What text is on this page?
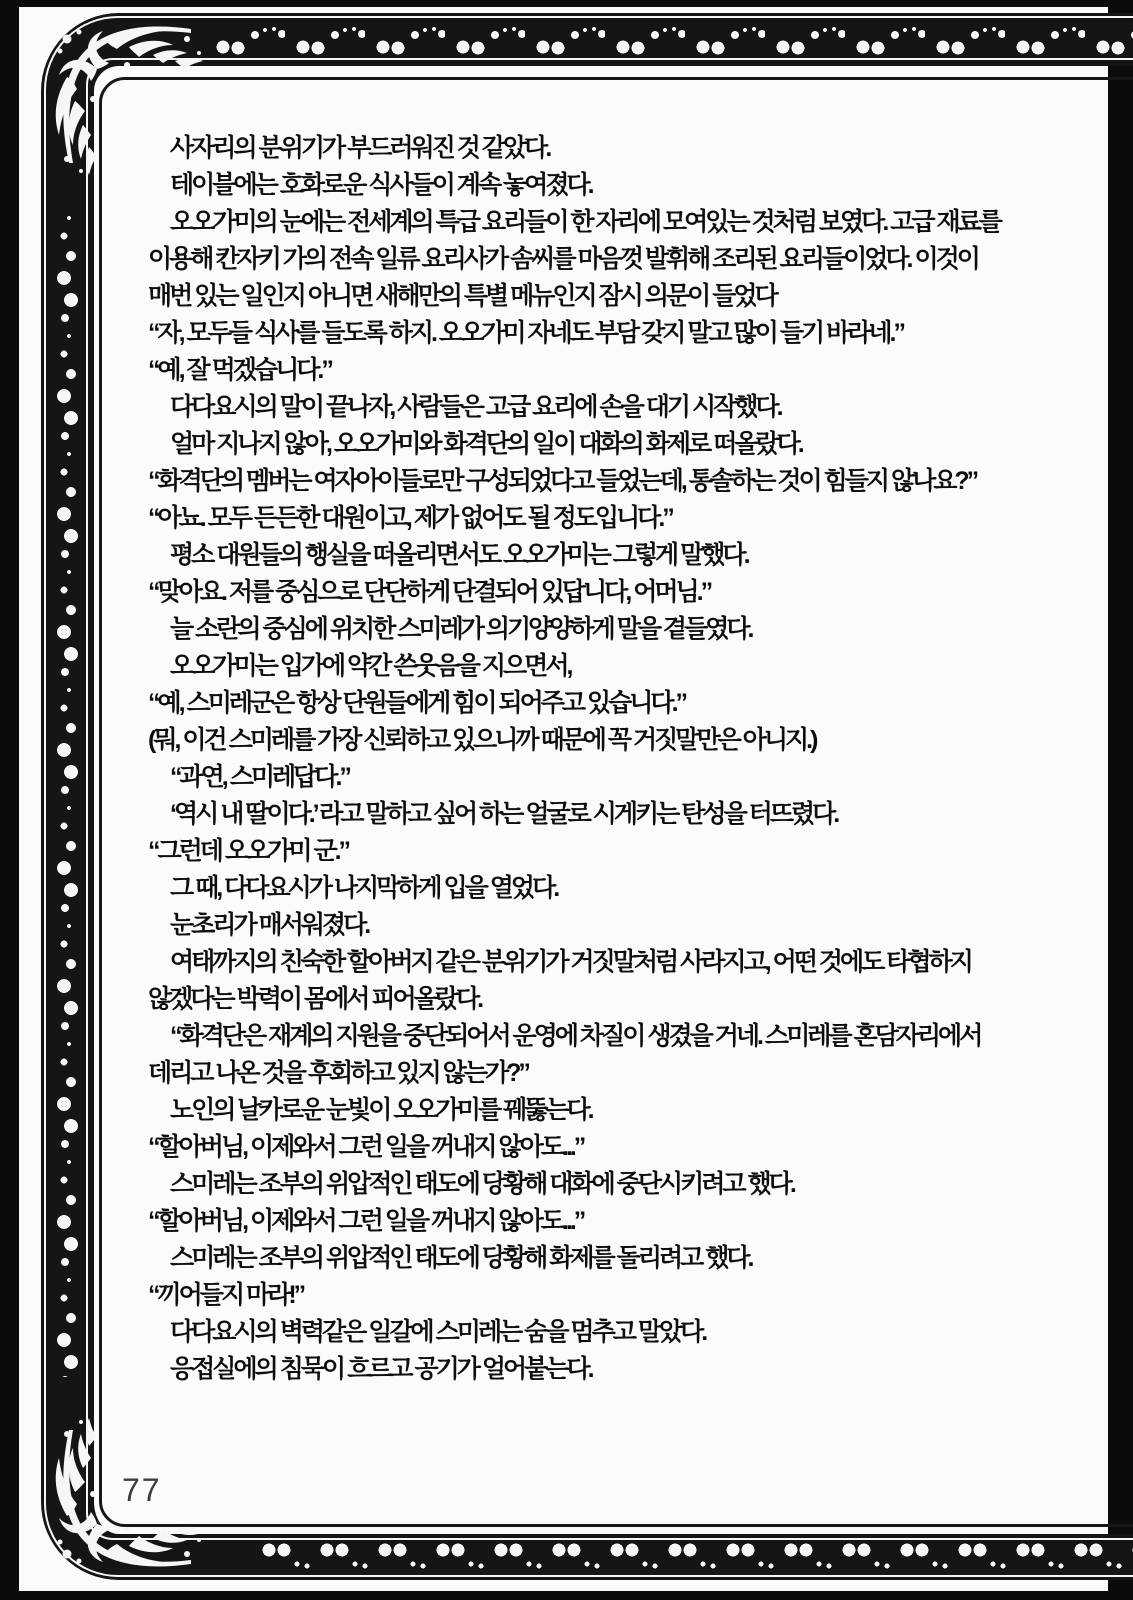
　사자리의 분위기가 부드러워진 것 같았다.
　테이블에는 호화로운 식사들이 계속 놓여졌다.
　오오가미의 눈에는 전세계의 특급 요리들이 한 자리에 모여있는 것처럼 보였다. 고급 재료를
이용해 칸자키 가의 전속 일류 요리사가 솜씨를 마음껏 발휘해 조리된 요리들이었다. 이것이
매번 있는 일인지 아니면 새해만의 특별 메뉴인지 잠시 의문이 들었다
“자, 모두들 식사를 들도록 하지. 오오가미 자네도 부담 갖지 말고 많이 들기 바라네.”
“예, 잘 먹겠습니다.”
　다다요시의 말이 끝나자, 사람들은 고급 요리에 손을 대기 시작했다.
　얼마 지나지 않아, 오오가미와 화격단의 일이 대화의 화제로 떠올랐다.
“화격단의 멤버는 여자아이들로만 구성되었다고 들었는데, 통솔하는 것이 힘들지 않나요?”
“아뇨. 모두 든든한 대원이고, 제가 없어도 될 정도입니다.”
　평소 대원들의 행실을 떠올리면서도 오오가미는 그렇게 말했다.
“맞아요. 저를 중심으로 단단하게 단결되어 있답니다, 어머님.”
　늘 소란의 중심에 위치한 스미레가 의기양양하게 말을 곁들였다.
　오오가미는 입가에 약간 쓴웃음을 지으면서,
“예, 스미레군은 항상 단원들에게 힘이 되어주고 있습니다.”
(뭐, 이건 스미레를 가장 신뢰하고 있으니까 때문에 꼭 거짓말만은 아니지.)
　“과연, 스미레답다.”
　‘역시 내 딸이다.’ 라고 말하고 싶어 하는 얼굴로 시게키는 탄성을 터뜨렸다.
“그런데 오오가미 군.”
　그 때, 다다요시가 나지막하게 입을 열었다.
　눈초리가 매서워졌다.
　여태까지의 친숙한 할아버지 같은 분위기가 거짓말처럼 사라지고, 어떤 것에도 타협하지
않겠다는 박력이 몸에서 피어올랐다.
　“화격단은 재계의 지원을 중단되어서 운영에 차질이 생겼을 거네. 스미레를 혼담자리에서
데리고 나온 것을 후회하고 있지 않는가?”
　노인의 날카로운 눈빛이 오오가미를 꿰뚫는다.
“할아버님, 이제와서 그런 일을 꺼내지 않아도...”
　스미레는 조부의 위압적인 태도에 당황해 대화에 중단시키려고 했다.
“할아버님, 이제와서 그런 일을 꺼내지 않아도...”
　스미레는 조부의 위압적인 태도에 당황해 화제를 돌리려고 했다.
“끼어들지 마라!”
　다다요시의 벽력같은 일갈에 스미레는 숨을 멈추고 말았다.
　응접실에의 침묵이 흐르고 공기가 얼어붙는다.
77
